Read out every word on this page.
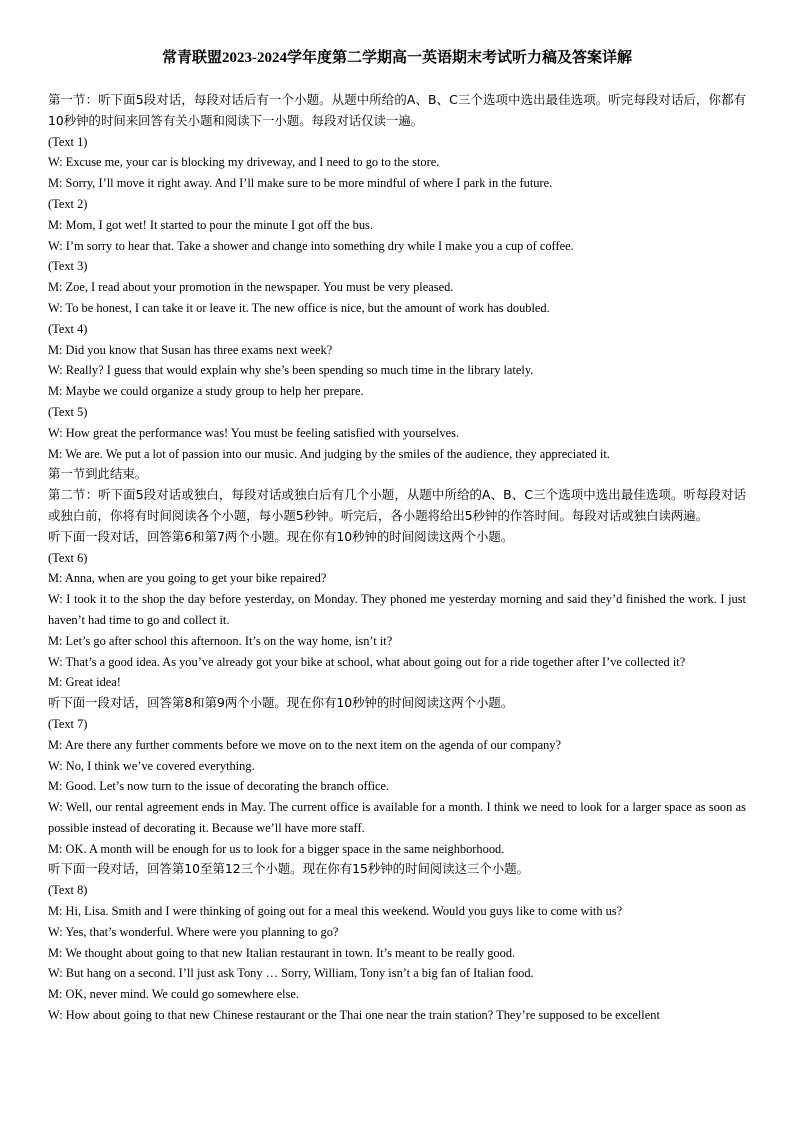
常青联盟2023-2024学年度第二学期高一英语期末考试听力稿及答案详解

第一节：听下面5段对话，每段对话后有一个小题。从题中所给的A、B、C三个选项中选出最佳选项。听完每段对话后，你都有10秒钟的时间来回答有关小题和阅读下一小题。每段对话仅读一遍。

(Text 1)

W: Excuse me, your car is blocking my driveway, and I need to go to the store.

M: Sorry, I’ll move it right away. And I’ll make sure to be more mindful of where I park in the future.

(Text 2)

M: Mom, I got wet! It started to pour the minute I got off the bus.

W: I’m sorry to hear that. Take a shower and change into something dry while I make you a cup of coffee.

(Text 3)

M: Zoe, I read about your promotion in the newspaper. You must be very pleased.

W: To be honest, I can take it or leave it. The new office is nice, but the amount of work has doubled.

(Text 4)

M: Did you know that Susan has three exams next week?

W: Really? I guess that would explain why she’s been spending so much time in the library lately.

M: Maybe we could organize a study group to help her prepare.

(Text 5)

W: How great the performance was! You must be feeling satisfied with yourselves.

M: We are. We put a lot of passion into our music. And judging by the smiles of the audience, they appreciated it.

第一节到此结束。

第二节：听下面5段对话或独白，每段对话或独白后有几个小题，从题中所给的A、B、C三个选项中选出最佳选项。听每段对话或独白前，你将有时间阅读各个小题，每小题5秒钟。听完后，各小题将给出5秒钟的作答时间。每段对话或独白读两遍。

听下面一段对话，回答第6和第7两个小题。现在你有10秒钟的时间阅读这两个小题。

(Text 6)

M: Anna, when are you going to get your bike repaired?

W: I took it to the shop the day before yesterday, on Monday. They phoned me yesterday morning and said they’d finished the work. I just haven’t had time to go and collect it.

M: Let’s go after school this afternoon. It’s on the way home, isn’t it?

W: That’s a good idea. As you’ve already got your bike at school, what about going out for a ride together after I’ve collected it?

M: Great idea!

听下面一段对话，回答第8和第9两个小题。现在你有10秒钟的时间阅读这两个小题。

(Text 7)

M: Are there any further comments before we move on to the next item on the agenda of our company?

W: No, I think we’ve covered everything.

M: Good. Let’s now turn to the issue of decorating the branch office.

W: Well, our rental agreement ends in May. The current office is available for a month. I think we need to look for a larger space as soon as possible instead of decorating it. Because we’ll have more staff.

M: OK. A month will be enough for us to look for a bigger space in the same neighborhood.

听下面一段对话，回答第10至第12三个小题。现在你有15秒钟的时间阅读这三个小题。

(Text 8)

M: Hi, Lisa. Smith and I were thinking of going out for a meal this weekend. Would you guys like to come with us?

W: Yes, that’s wonderful. Where were you planning to go?

M: We thought about going to that new Italian restaurant in town. It’s meant to be really good.

W: But hang on a second. I’ll just ask Tony … Sorry, William, Tony isn’t a big fan of Italian food.

M: OK, never mind. We could go somewhere else.

W: How about going to that new Chinese restaurant or the Thai one near the train station? They’re supposed to be excellent
